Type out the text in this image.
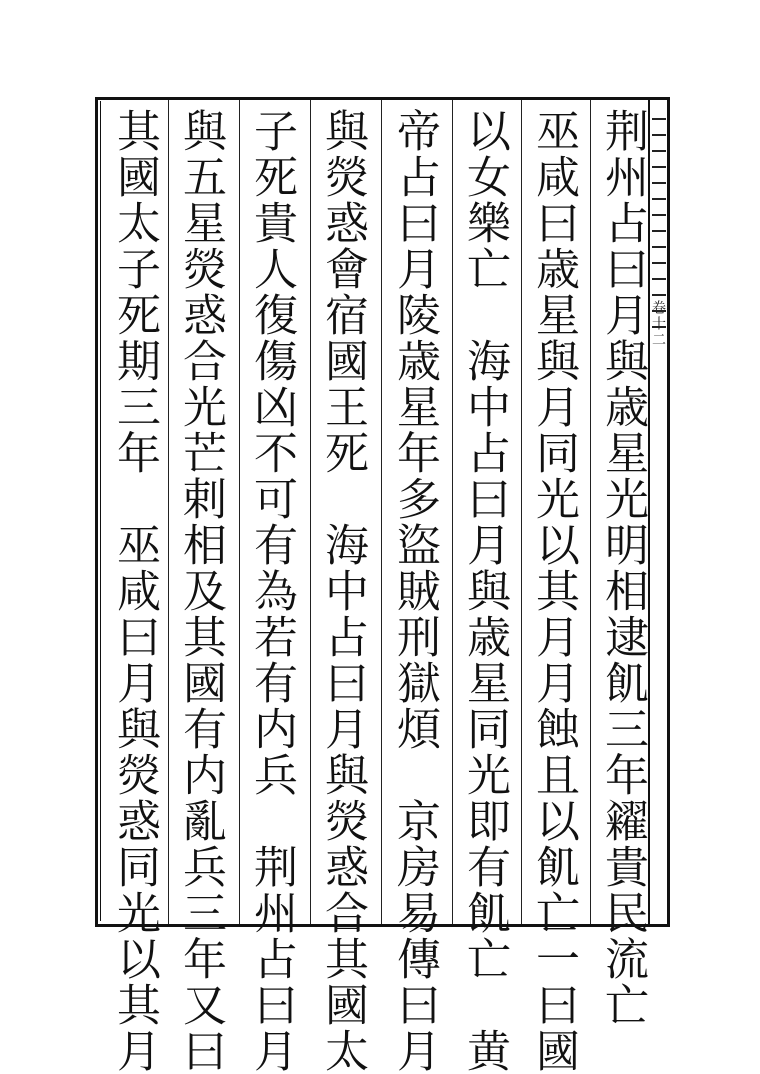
卷十二
荆州占曰月與歳星光明相逮飢三年糴貴民流亡
巫咸曰歳星與月同光以其月月蝕且以飢亡一曰國
以女樂亡　海中占曰月與歳星同光即有飢亡　黄
帝占曰月陵歳星年多盜賊刑獄煩　京房易傳曰月
與熒惑會宿國王死　海中占曰月與熒惑合其國太
子死貴人復傷凶不可有為若有内兵　荆州占曰月
與五星熒惑合光芒剌相及其國有内亂兵三年又曰
其國太子死期三年　巫咸曰月與熒惑同光以其月
